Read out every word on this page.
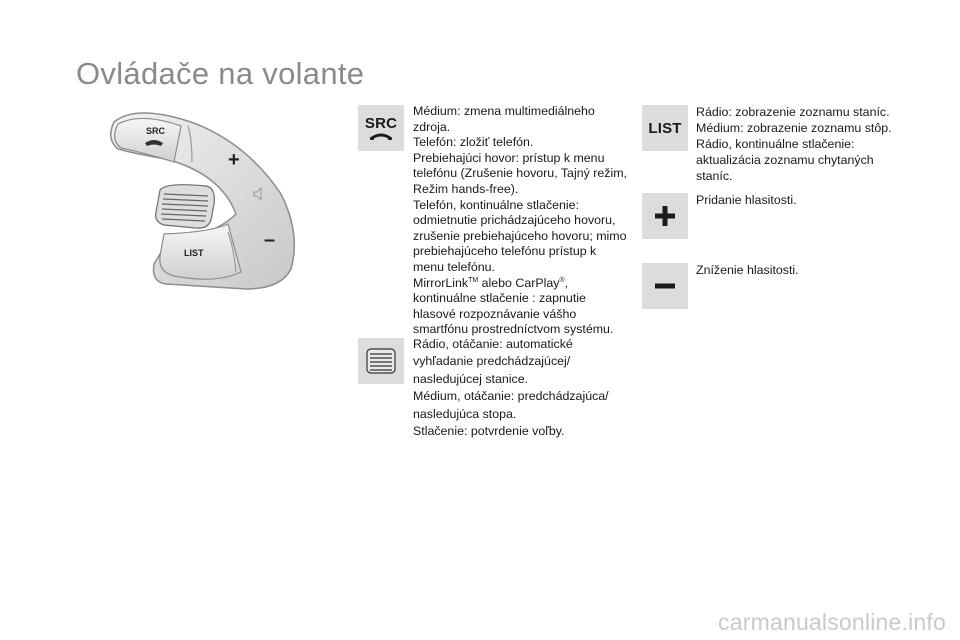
Ovládače na volante
SRC
+
–
LIST
SRC

Médium: zmena multimediálneho zdroja.

Telefón: zložiť telefón.

Prebiehajúci hovor: prístup k menu telefónu (Zrušenie hovoru, Tajný režim, Režim hands-free).

Telefón, kontinuálne stlačenie: odmietnutie prichádzajúceho hovoru, zrušenie prebiehajúceho hovoru; mimo prebiehajúceho telefónu prístup k menu telefónu.

MirrorLink™ alebo CarPlay®, kontinuálne stlačenie : zapnutie hlasové rozpoznávanie vášho smartfónu prostredníctvom systému.

Rádio, otáčanie: automatické vyhľadanie predchádzajúcej/ nasledujúcej stanice.

Médium, otáčanie: predchádzajúca/ nasledujúca stopa.

Stlačenie: potvrdenie voľby.

LIST

Rádio: zobrazenie zoznamu staníc.

Médium: zobrazenie zoznamu stôp.

Rádio, kontinuálne stlačenie: aktualizácia zoznamu chytaných staníc.

Pridanie hlasitosti.

Zníženie hlasitosti.

carmanualsonline.info
